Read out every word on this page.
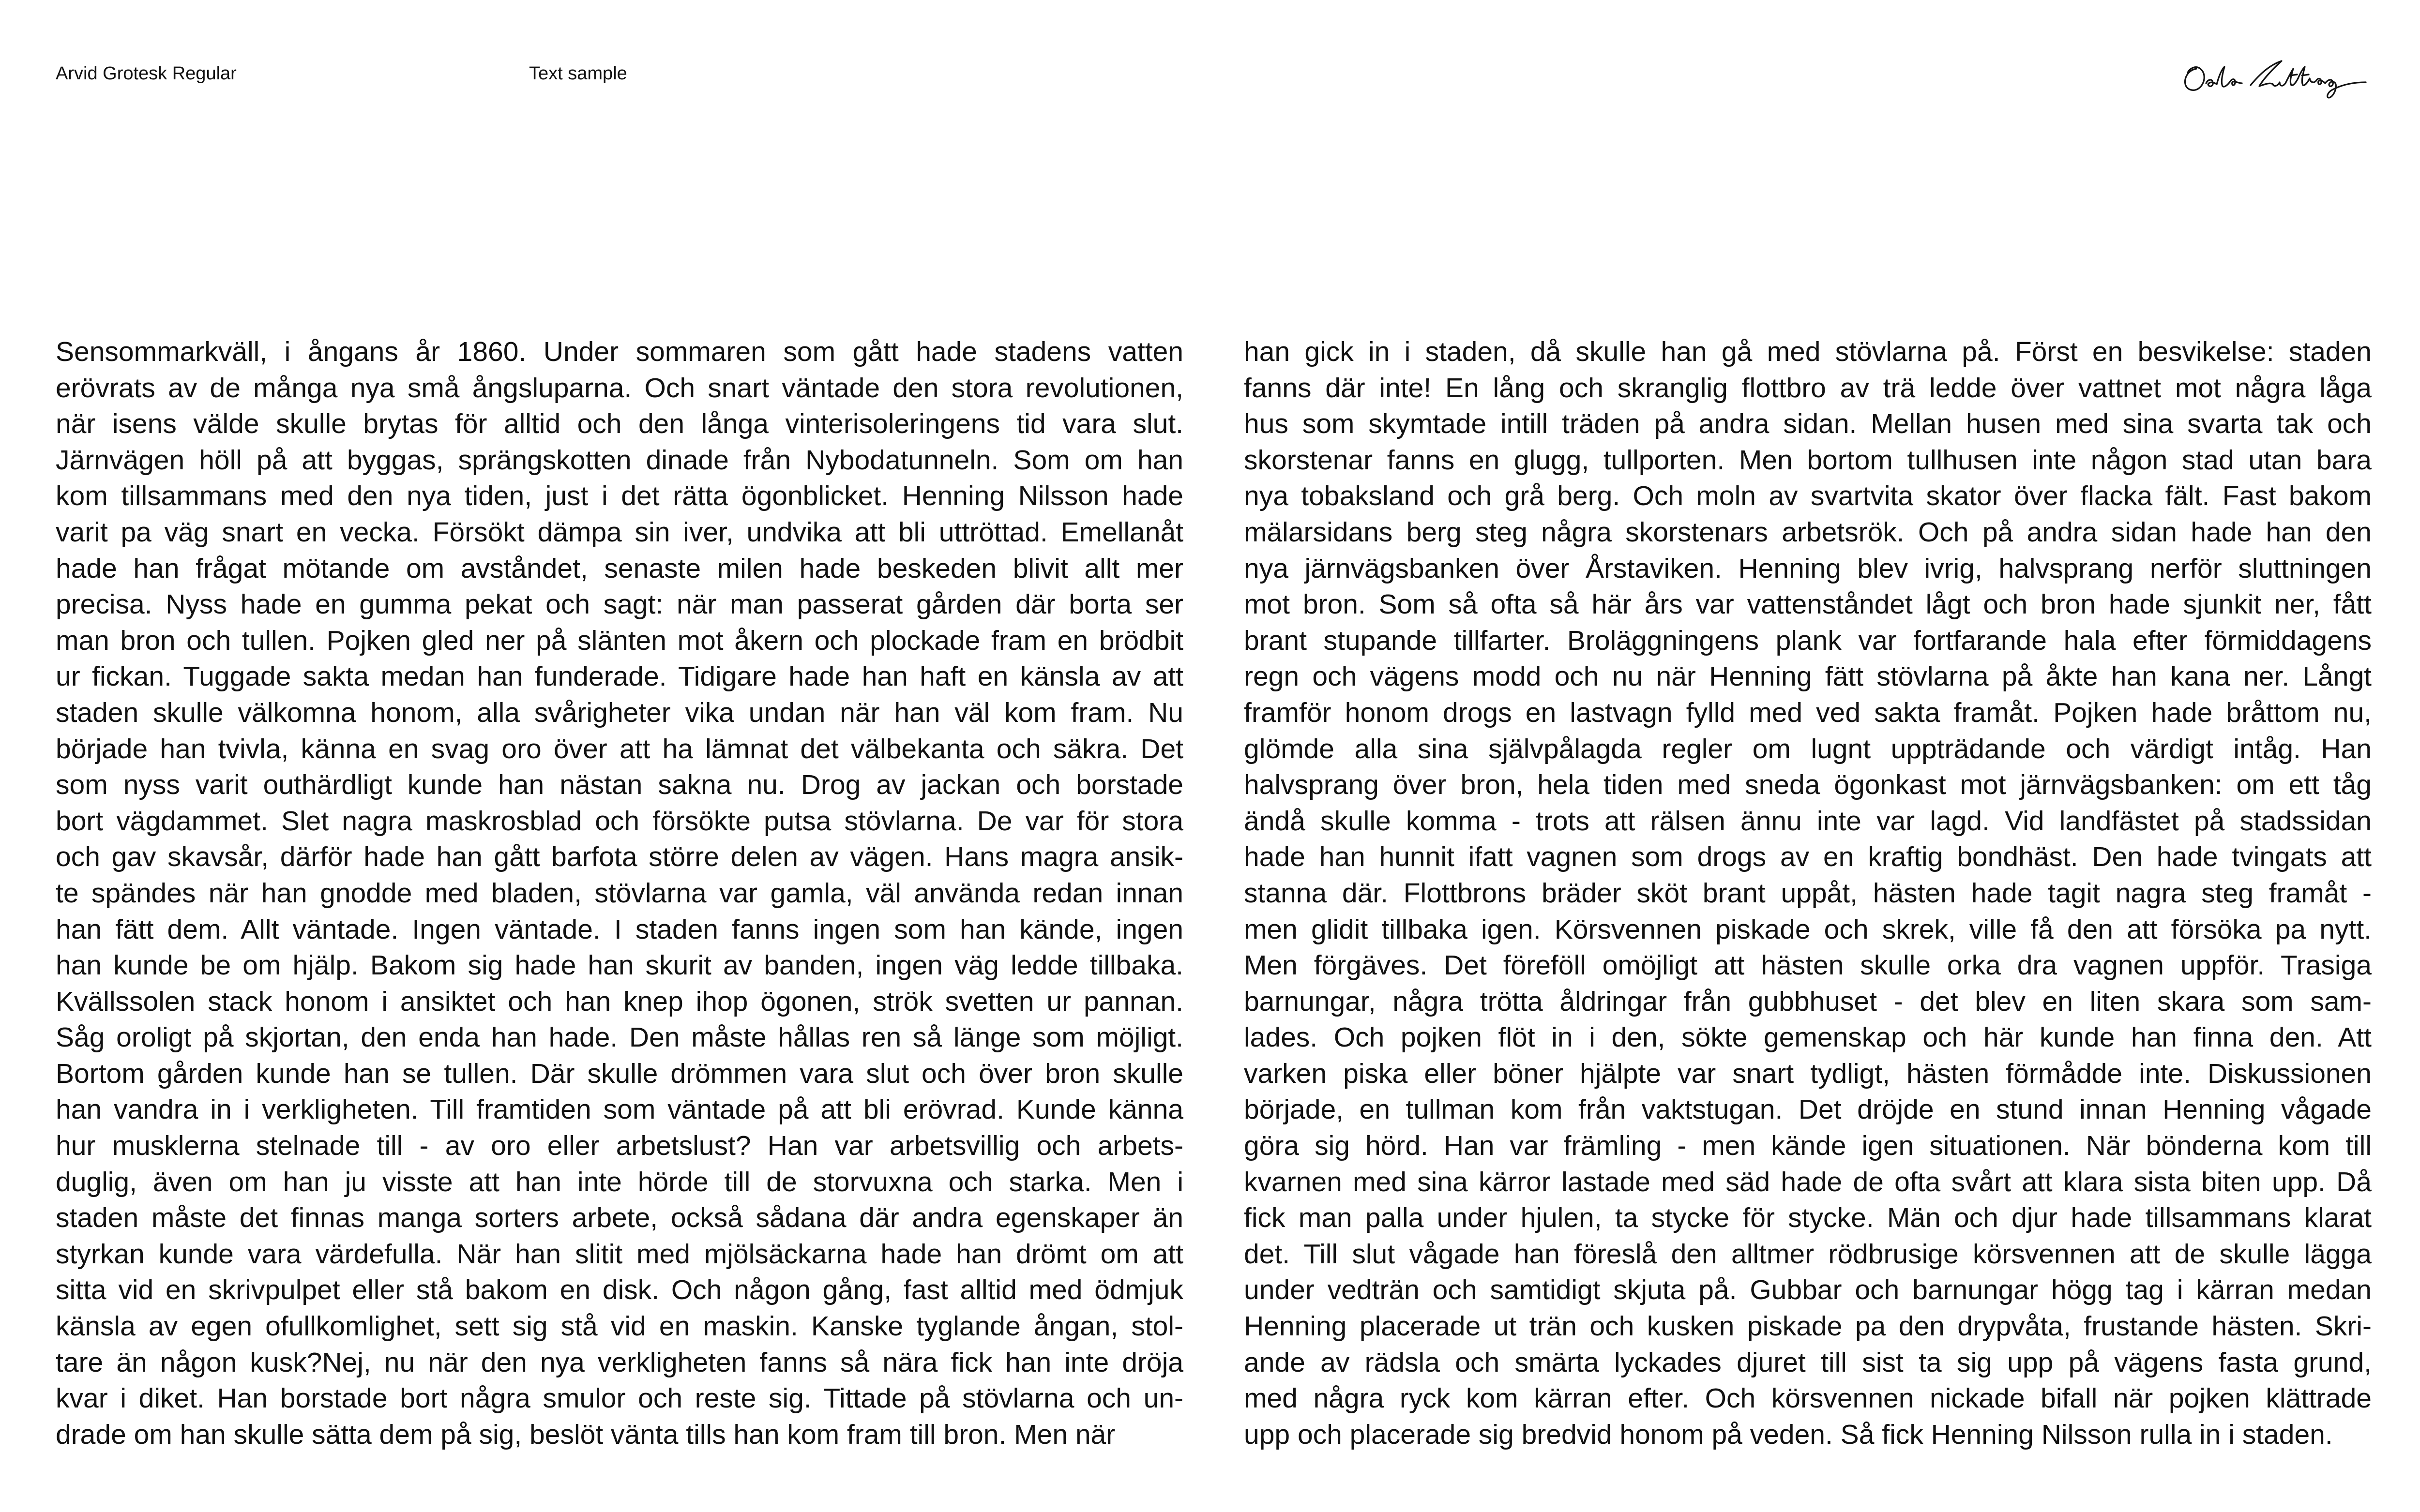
Arvid Grotesk Regular	Text sample
Sensommarkväll, i ångans år 1860. Under sommaren som gått hade stadens vatten
erövrats av de många nya små ångsluparna. Och snart väntade den stora revolutionen,
när isens välde skulle brytas för alltid och den långa vinterisoleringens tid vara slut.
Järnvägen höll på att byggas, sprängskotten dinade från Nybodatunneln. Som om han
kom tillsammans med den nya tiden, just i det rätta ögonblicket. Henning Nilsson hade
varit pa väg snart en vecka. Försökt dämpa sin iver, undvika att bli uttröttad. Emellanåt
hade han frågat mötande om avståndet, senaste milen hade beskeden blivit allt mer
precisa. Nyss hade en gumma pekat och sagt: när man passerat gården där borta ser
man bron och tullen. Pojken gled ner på slänten mot åkern och plockade fram en brödbit
ur fickan. Tuggade sakta medan han funderade. Tidigare hade han haft en känsla av att
staden skulle välkomna honom, alla svårigheter vika undan när han väl kom fram. Nu
började han tvivla, känna en svag oro över att ha lämnat det välbekanta och säkra. Det
som nyss varit outhärdligt kunde han nästan sakna nu. Drog av jackan och borstade
bort vägdammet. Slet nagra maskrosblad och försökte putsa stövlarna. De var för stora
och gav skavsår, därför hade han gått barfota större delen av vägen. Hans magra ansik-
te spändes när han gnodde med bladen, stövlarna var gamla, väl använda redan innan
han fätt dem. Allt väntade. Ingen väntade. I staden fanns ingen som han kände, ingen
han kunde be om hjälp. Bakom sig hade han skurit av banden, ingen väg ledde tillbaka.
Kvällssolen stack honom i ansiktet och han knep ihop ögonen, strök svetten ur pannan.
Såg oroligt på skjortan, den enda han hade. Den måste hållas ren så länge som möjligt.
Bortom gården kunde han se tullen. Där skulle drömmen vara slut och över bron skulle
han vandra in i verkligheten. Till framtiden som väntade på att bli erövrad. Kunde känna
hur musklerna stelnade till - av oro eller arbetslust? Han var arbetsvillig och arbets-
duglig, även om han ju visste att han inte hörde till de storvuxna och starka. Men i
staden måste det finnas manga sorters arbete, också sådana där andra egenskaper än
styrkan kunde vara värdefulla. När han slitit med mjölsäckarna hade han drömt om att
sitta vid en skrivpulpet eller stå bakom en disk. Och någon gång, fast alltid med ödmjuk
känsla av egen ofullkomlighet, sett sig stå vid en maskin. Kanske tyglande ångan, stol-
tare än någon kusk?Nej, nu när den nya verkligheten fanns så nära fick han inte dröja
kvar i diket. Han borstade bort några smulor och reste sig. Tittade på stövlarna och un-
drade om han skulle sätta dem på sig, beslöt vänta tills han kom fram till bron. Men när
han gick in i staden, då skulle han gå med stövlarna på. Först en besvikelse: staden
fanns där inte! En lång och skranglig flottbro av trä ledde över vattnet mot några låga
hus som skymtade intill träden på andra sidan. Mellan husen med sina svarta tak och
skorstenar fanns en glugg, tullporten. Men bortom tullhusen inte någon stad utan bara
nya tobaksland och grå berg. Och moln av svartvita skator över flacka fält. Fast bakom
mälarsidans berg steg några skorstenars arbetsrök. Och på andra sidan hade han den
nya järnvägsbanken över Årstaviken. Henning blev ivrig, halvsprang nerför sluttningen
mot bron. Som så ofta så här års var vattenståndet lågt och bron hade sjunkit ner, fått
brant stupande tillfarter. Broläggningens plank var fortfarande hala efter förmiddagens
regn och vägens modd och nu när Henning fätt stövlarna på åkte han kana ner. Långt
framför honom drogs en lastvagn fylld med ved sakta framåt. Pojken hade bråttom nu,
glömde alla sina självpålagda regler om lugnt uppträdande och värdigt intåg. Han
halvsprang över bron, hela tiden med sneda ögonkast mot järnvägsbanken: om ett tåg
ändå skulle komma - trots att rälsen ännu inte var lagd. Vid landfästet på stadssidan
hade han hunnit ifatt vagnen som drogs av en kraftig bondhäst. Den hade tvingats att
stanna där. Flottbrons bräder sköt brant uppåt, hästen hade tagit nagra steg framåt -
men glidit tillbaka igen. Körsvennen piskade och skrek, ville få den att försöka pa nytt.
Men förgäves. Det föreföll omöjligt att hästen skulle orka dra vagnen uppför. Trasiga
barnungar, några trötta åldringar från gubbhuset - det blev en liten skara som sam-
lades. Och pojken flöt in i den, sökte gemenskap och här kunde han finna den. Att
varken piska eller böner hjälpte var snart tydligt, hästen förmådde inte. Diskussionen
började, en tullman kom från vaktstugan. Det dröjde en stund innan Henning vågade
göra sig hörd. Han var främling - men kände igen situationen. När bönderna kom till
kvarnen med sina kärror lastade med säd hade de ofta svårt att klara sista biten upp. Då
fick man palla under hjulen, ta stycke för stycke. Män och djur hade tillsammans klarat
det. Till slut vågade han föreslå den alltmer rödbrusige körsvennen att de skulle lägga
under vedträn och samtidigt skjuta på. Gubbar och barnungar högg tag i kärran medan
Henning placerade ut trän och kusken piskade pa den drypvåta, frustande hästen. Skri-
ande av rädsla och smärta lyckades djuret till sist ta sig upp på vägens fasta grund,
med några ryck kom kärran efter. Och körsvennen nickade bifall när pojken klättrade
upp och placerade sig bredvid honom på veden. Så fick Henning Nilsson rulla in i staden.
